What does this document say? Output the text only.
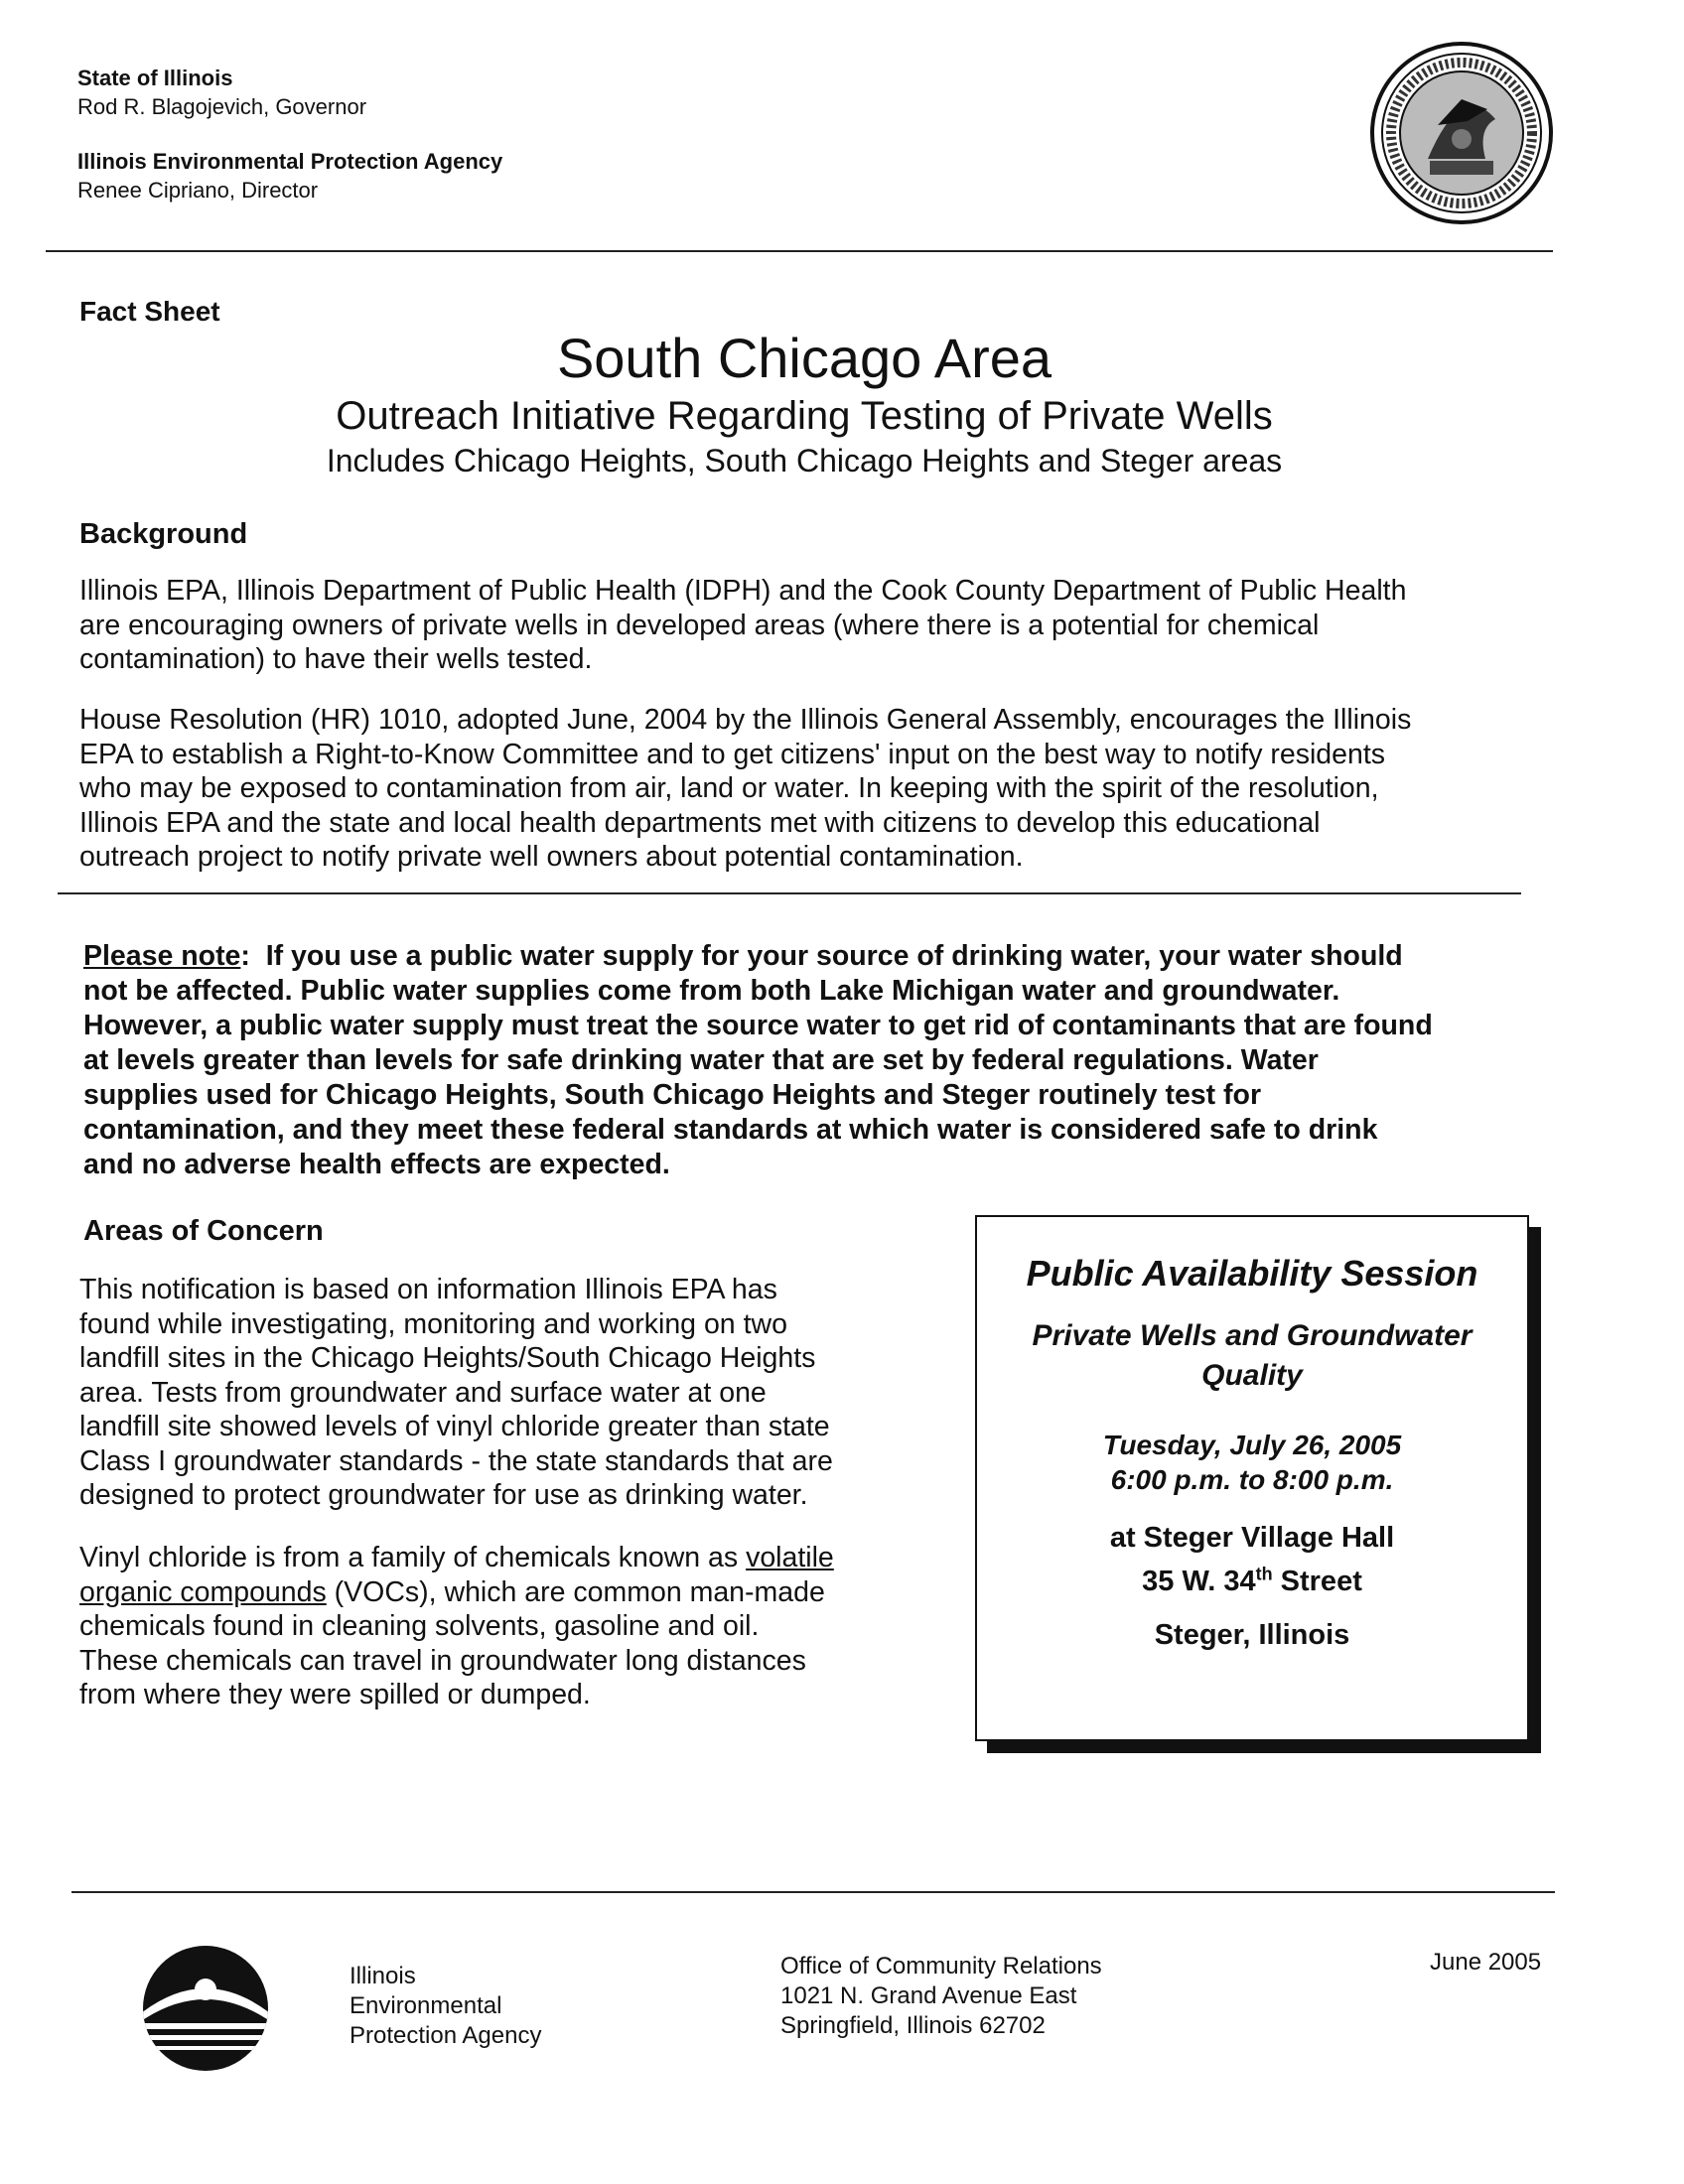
State of Illinois
Rod R. Blagojevich, Governor
Illinois Environmental Protection Agency
Renee Cipriano, Director
Fact Sheet
South Chicago Area
Outreach Initiative Regarding Testing of Private Wells
Includes Chicago Heights, South Chicago Heights and Steger areas
Background
Illinois EPA, Illinois Department of Public Health (IDPH) and the Cook County Department of Public Health
are encouraging owners of private wells in developed areas (where there is a potential for chemical
contamination) to have their wells tested.
House Resolution (HR) 1010, adopted June, 2004 by the Illinois General Assembly, encourages the Illinois
EPA to establish a Right-to-Know Committee and to get citizens' input on the best way to notify residents
who may be exposed to contamination from air, land or water. In keeping with the spirit of the resolution,
Illinois EPA and the state and local health departments met with citizens to develop this educational
outreach project to notify private well owners about potential contamination.
Please note:  If you use a public water supply for your source of drinking water, your water should
not be affected. Public water supplies come from both Lake Michigan water and groundwater.
However, a public water supply must treat the source water to get rid of contaminants that are found
at levels greater than levels for safe drinking water that are set by federal regulations. Water
supplies used for Chicago Heights, South Chicago Heights and Steger routinely test for
contamination, and they meet these federal standards at which water is considered safe to drink
and no adverse health effects are expected.
Areas of Concern
This notification is based on information Illinois EPA has
found while investigating, monitoring and working on two
landfill sites in the Chicago Heights/South Chicago Heights
area. Tests from groundwater and surface water at one
landfill site showed levels of vinyl chloride greater than state
Class I groundwater standards - the state standards that are
designed to protect groundwater for use as drinking water.
Vinyl chloride is from a family of chemicals known as volatile
organic compounds (VOCs), which are common man-made
chemicals found in cleaning solvents, gasoline and oil.
These chemicals can travel in groundwater long distances
from where they were spilled or dumped.
Public Availability Session
Private Wells and Groundwater
Quality
Tuesday, July 26, 2005
6:00 p.m. to 8:00 p.m.
at Steger Village Hall
35 W. 34th Street
Steger, Illinois
Illinois
Environmental
Protection Agency
Office of Community Relations
1021 N. Grand Avenue East
Springfield, Illinois 62702
June 2005
